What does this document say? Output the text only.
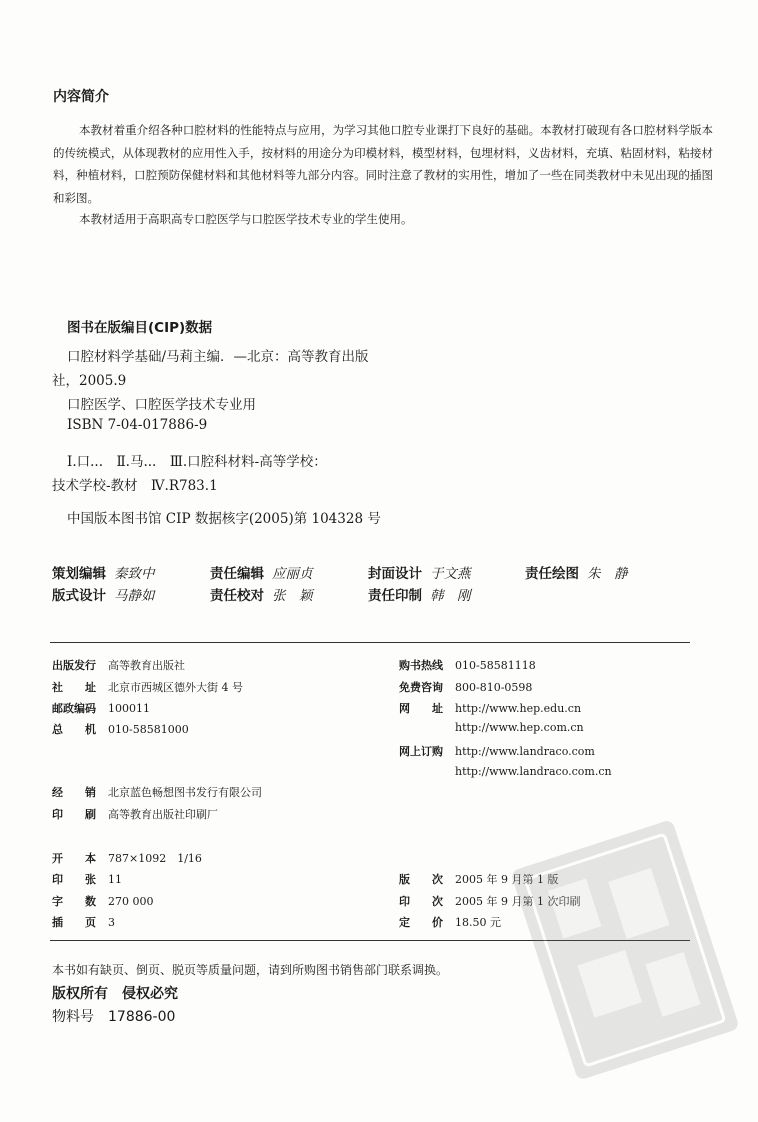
内容简介
本教材着重介绍各种口腔材料的性能特点与应用，为学习其他口腔专业课打下良好的基础。本教材打破现有各口腔材料学版本的传统模式，从体现教材的应用性入手，按材料的用途分为印模材料，模型材料，包埋材料，义齿材料，充填、粘固材料，粘接材料，种植材料，口腔预防保健材料和其他材料等九部分内容。同时注意了教材的实用性，增加了一些在同类教材中未见出现的插图和彩图。
本教材适用于高职高专口腔医学与口腔医学技术专业的学生使用。
图书在版编目(CIP)数据
口腔材料学基础/马莉主编．—北京：高等教育出版
社，2005.9
口腔医学、口腔医学技术专业用
ISBN 7-04-017886-9
Ⅰ.口...　Ⅱ.马...　Ⅲ.口腔科材料-高等学校：
技术学校-教材　Ⅳ.R783.1
中国版本图书馆 CIP 数据核字(2005)第 104328 号
策划编辑 秦致中	责任编辑 应丽贞	封面设计 于文燕	责任绘图 朱　静
版式设计 马静如	责任校对 张　颖	责任印制 韩　刚
出版发行 高等教育出版社
社　　址 北京市西城区德外大街 4 号
邮政编码 100011
总　　机 010-58581000
经　　销 北京蓝色畅想图书发行有限公司
印　　刷 高等教育出版社印刷厂
购书热线 010-58581118
免费咨询 800-810-0598
网　　址 http://www.hep.edu.cn
http://www.hep.com.cn
网上订购 http://www.landraco.com
http://www.landraco.com.cn
开　　本 787×1092　1/16
印　　张 11
字　　数 270 000
插　　页 3
版　　次 2005 年 9 月第 1 版
印　　次 2005 年 9 月第 1 次印刷
定　　价 18.50 元
本书如有缺页、倒页、脱页等质量问题，请到所购图书销售部门联系调换。
版权所有　侵权必究
物料号　17886-00
